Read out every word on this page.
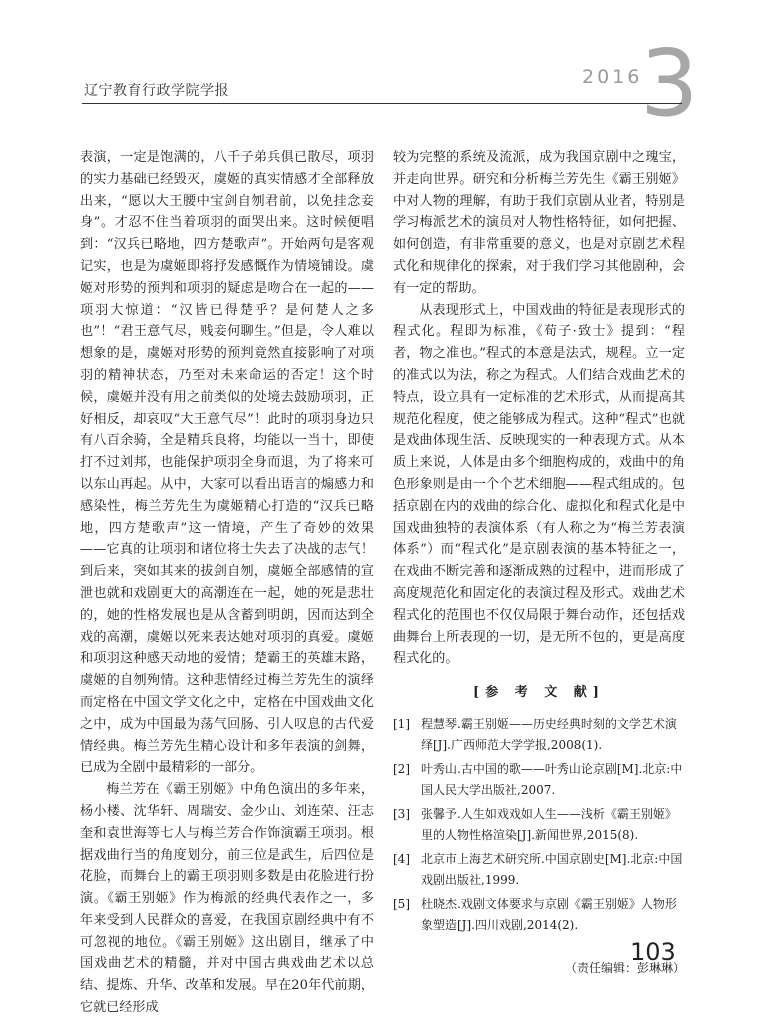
辽宁教育行政学院学报
2016
3

表演，一定是饱满的，八千子弟兵俱已散尽，项羽的实力基础已经毁灭，虞姬的真实情感才全部释放出来，“愿以大王腰中宝剑自刎君前，以免挂念妾身”。才忍不住当着项羽的面哭出来。这时候便唱到：“汉兵已略地，四方楚歌声”。开始两句是客观记实，也是为虞姬即将抒发感慨作为情境铺设。虞姬对形势的预判和项羽的疑虑是吻合在一起的——项羽大惊道：“汉皆已得楚乎？是何楚人之多也”！“君王意气尽，贱妾何聊生。”但是，令人难以想象的是，虞姬对形势的预判竟然直接影响了对项羽的精神状态，乃至对未来命运的否定！这个时候，虞姬并没有用之前类似的处境去鼓励项羽，正好相反，却哀叹“大王意气尽”！此时的项羽身边只有八百余骑，全是精兵良将，均能以一当十，即使打不过刘邦，也能保护项羽全身而退，为了将来可以东山再起。从中，大家可以看出语言的煽感力和感染性，梅兰芳先生为虞姬精心打造的“汉兵已略地，四方楚歌声”这一情境，产生了奇妙的效果——它真的让项羽和诸位将士失去了决战的志气！到后来，突如其来的拔剑自刎，虞姬全部感情的宣泄也就和戏剧更大的高潮连在一起，她的死是悲壮的，她的性格发展也是从含蓄到明朗，因而达到全戏的高潮，虞姬以死来表达她对项羽的真爱。虞姬和项羽这种感天动地的爱情；楚霸王的英雄末路，虞姬的自刎殉情。这种悲情经过梅兰芳先生的演绎而定格在中国文学文化之中，定格在中国戏曲文化之中，成为中国最为荡气回肠、引人叹息的古代爱情经典。梅兰芳先生精心设计和多年表演的剑舞，已成为全剧中最精彩的一部分。

梅兰芳在《霸王别姬》中角色演出的多年来，杨小楼、沈华轩、周瑞安、金少山、刘连荣、汪志奎和袁世海等七人与梅兰芳合作饰演霸王项羽。根据戏曲行当的角度划分，前三位是武生，后四位是花脸，而舞台上的霸王项羽则多数是由花脸进行扮演。《霸王别姬》作为梅派的经典代表作之一，多年来受到人民群众的喜爱，在我国京剧经典中有不可忽视的地位。《霸王别姬》这出剧目，继承了中国戏曲艺术的精髓，并对中国古典戏曲艺术以总结、提炼、升华、改革和发展。早在20年代前期，它就已经形成

较为完整的系统及流派，成为我国京剧中之瑰宝，并走向世界。研究和分析梅兰芳先生《霸王别姬》中对人物的理解，有助于我们京剧从业者，特别是学习梅派艺术的演员对人物性格特征，如何把握、如何创造，有非常重要的意义，也是对京剧艺术程式化和规律化的探索，对于我们学习其他剧种，会有一定的帮助。

从表现形式上，中国戏曲的特征是表现形式的程式化。程即为标准，《荀子·致士》提到：“程者，物之准也。”程式的本意是法式，规程。立一定的准式以为法，称之为程式。人们结合戏曲艺术的特点，设立具有一定标准的艺术形式，从而提高其规范化程度，使之能够成为程式。这种“程式”也就是戏曲体现生活、反映现实的一种表现方式。从本质上来说，人体是由多个细胞构成的，戏曲中的角色形象则是由一个个艺术细胞——程式组成的。包括京剧在内的戏曲的综合化、虚拟化和程式化是中国戏曲独特的表演体系（有人称之为“梅兰芳表演体系”）而“程式化”是京剧表演的基本特征之一，在戏曲不断完善和逐渐成熟的过程中，进而形成了高度规范化和固定化的表演过程及形式。戏曲艺术程式化的范围也不仅仅局限于舞台动作，还包括戏曲舞台上所表现的一切，是无所不包的，更是高度程式化的。

[参 考 文 献]
[1] 程慧琴.霸王别姬——历史经典时刻的文学艺术演绎[J].广西师范大学学报,2008(1).
[2] 叶秀山.古中国的歌——叶秀山论京剧[M].北京:中国人民大学出版社,2007.
[3] 张馨予.人生如戏戏如人生——浅析《霸王别姬》里的人物性格渲染[J].新闻世界,2015(8).
[4] 北京市上海艺术研究所.中国京剧史[M].北京:中国戏剧出版社,1999.
[5] 杜晓杰.戏剧文体要求与京剧《霸王别姬》人物形象塑造[J].四川戏剧,2014(2).
（责任编辑：彭琳琳）
103
